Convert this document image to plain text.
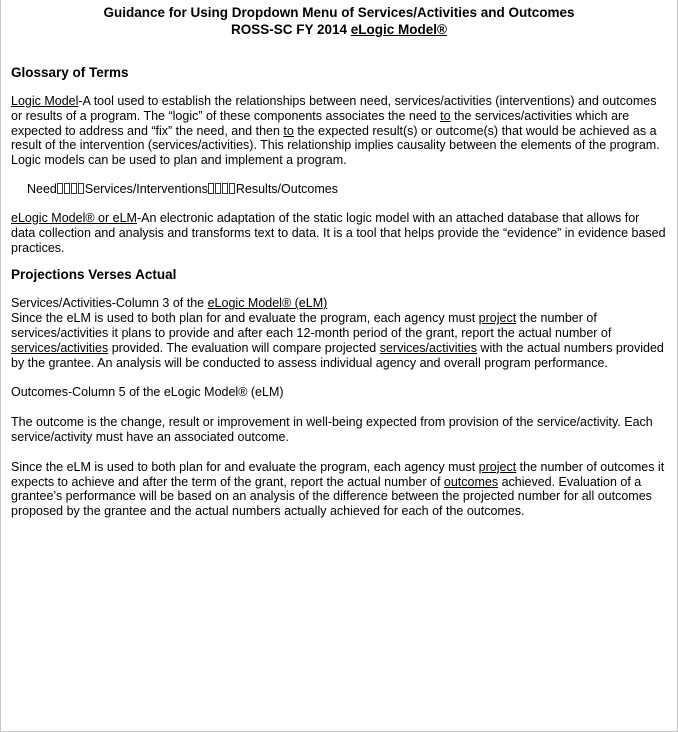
Guidance for Using Dropdown Menu of Services/Activities and Outcomes
ROSS-SC FY 2014 eLogic Model®
Glossary of Terms

Logic Model-A tool used to establish the relationships between need, services/activities (interventions) and outcomes or results of a program. The “logic” of these components associates the need to the services/activities which are expected to address and “fix” the need, and then to the expected result(s) or outcome(s) that would be achieved as a result of the intervention (services/activities). This relationship implies causality between the elements of the program. Logic models can be used to plan and implement a program.

Need Services/Interventions Results/Outcomes

eLogic Model® or eLM-An electronic adaptation of the static logic model with an attached database that allows for data collection and analysis and transforms text to data. It is a tool that helps provide the “evidence” in evidence based practices.

Projections Verses Actual

Services/Activities-Column 3 of the eLogic Model® (eLM)

Since the eLM is used to both plan for and evaluate the program, each agency must project the number of services/activities it plans to provide and after each 12-month period of the grant, report the actual number of services/activities provided. The evaluation will compare projected services/activities with the actual numbers provided by the grantee. An analysis will be conducted to assess individual agency and overall program performance.

Outcomes-Column 5 of the eLogic Model® (eLM)

The outcome is the change, result or improvement in well-being expected from provision of the service/activity. Each service/activity must have an associated outcome.

Since the eLM is used to both plan for and evaluate the program, each agency must project the number of outcomes it expects to achieve and after the term of the grant, report the actual number of outcomes achieved. Evaluation of a grantee’s performance will be based on an analysis of the difference between the projected number for all outcomes proposed by the grantee and the actual numbers actually achieved for each of the outcomes.
